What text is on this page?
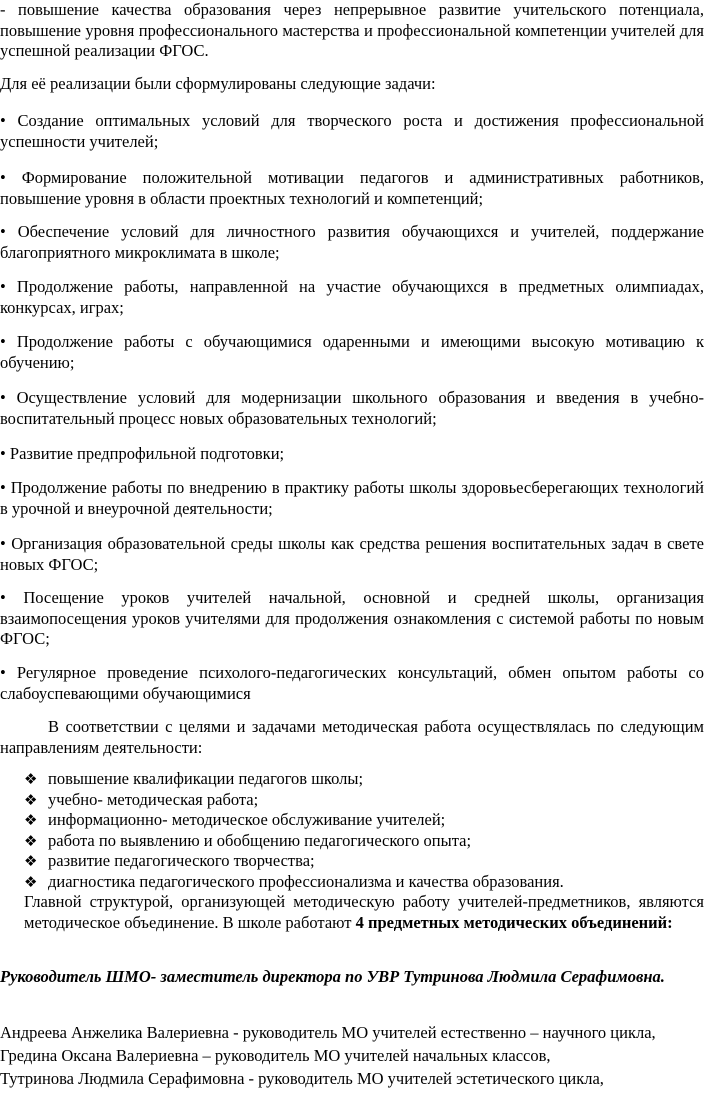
- повышение качества образования через непрерывное развитие учительского потенциала, повышение уровня профессионального мастерства и профессиональной компетенции учителей для успешной реализации ФГОС.

Для её реализации были сформулированы следующие задачи:

• Создание оптимальных условий для творческого роста и достижения профессиональной успешности учителей;

• Формирование положительной мотивации педагогов и административных работников, повышение уровня в области проектных технологий и компетенций;

• Обеспечение условий для личностного развития обучающихся и учителей, поддержание благоприятного микроклимата в школе;

• Продолжение работы, направленной на участие обучающихся в предметных олимпиадах, конкурсах, играх;

• Продолжение работы с обучающимися одаренными и имеющими высокую мотивацию к обучению;

• Осуществление условий для модернизации школьного образования и введения в учебно-воспитательный процесс новых образовательных технологий;

• Развитие предпрофильной подготовки;

• Продолжение работы по внедрению в практику работы школы здоровьесберегающих технологий в урочной и внеурочной деятельности;

• Организация образовательной среды школы как средства решения воспитательных задач в свете новых ФГОС;

• Посещение уроков учителей начальной, основной и средней школы, организация взаимопосещения уроков учителями для продолжения ознакомления с системой работы по новым ФГОС;

• Регулярное проведение психолого-педагогических консультаций, обмен опытом работы со слабоуспевающими обучающимися

В соответствии с целями и задачами методическая работа осуществлялась по следующим направлениям деятельности:

❖ повышение квалификации педагогов школы;
❖ учебно- методическая работа;
❖ информационно- методическое обслуживание учителей;
❖ работа по выявлению и обобщению педагогического опыта;
❖ развитие педагогического творчества;
❖ диагностика педагогического профессионализма и качества образования.

Главной структурой, организующей методическую работу учителей-предметников, являются методическое объединение. В школе работают 4 предметных методических объединений:

Руководитель ШМО- заместитель директора по УВР Тутринова Людмила Серафимовна.

Андреева Анжелика Валериевна - руководитель МО учителей естественно – научного цикла,

Гредина Оксана Валериевна – руководитель МО учителей начальных классов,

Тутринова Людмила Серафимовна - руководитель МО учителей эстетического цикла,
